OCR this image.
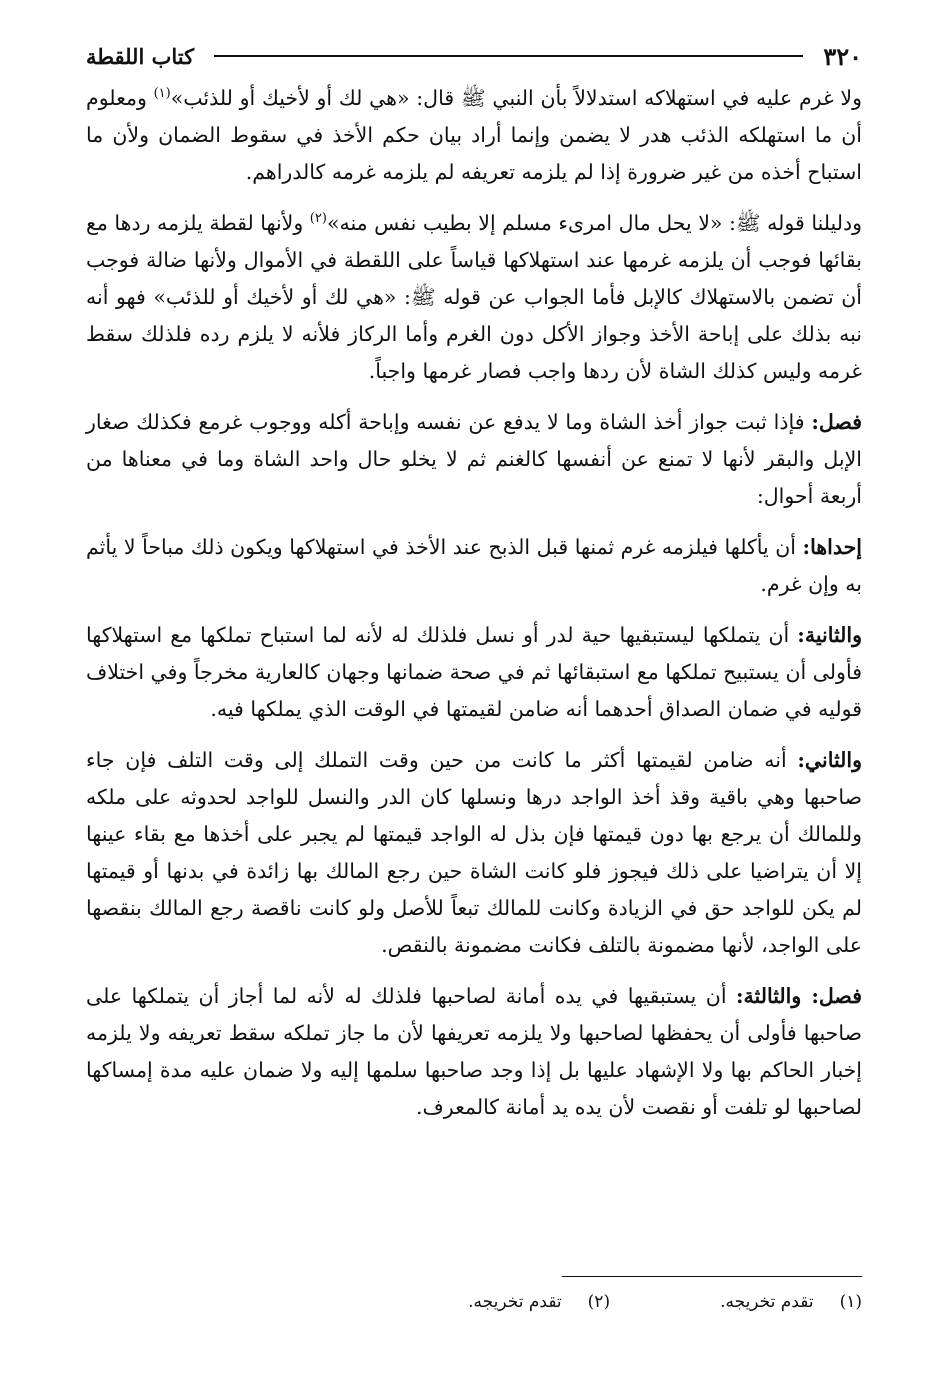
٣٢٠
كتاب اللقطة

ولا غرم عليه في استهلاكه استدلالاً بأن النبي ﷺ قال: «هي لك أو لأخيك أو للذئب»$^{(١)}$ ومعلوم أن ما استهلكه الذئب هدر لا يضمن وإنما أراد بيان حكم الأخذ في سقوط الضمان ولأن ما استباح أخذه من غير ضرورة إذا لم يلزمه تعريفه لم يلزمه غرمه كالدراهم.

ودليلنا قوله ﷺ: «لا يحل مال امرىء مسلم إلا بطيب نفس منه»$^{(٢)}$ ولأنها لقطة يلزمه ردها مع بقائها فوجب أن يلزمه غرمها عند استهلاكها قياساً على اللقطة في الأموال ولأنها ضالة فوجب أن تضمن بالاستهلاك كالإبل فأما الجواب عن قوله ﷺ: «هي لك أو لأخيك أو للذئب» فهو أنه نبه بذلك على إباحة الأخذ وجواز الأكل دون الغرم وأما الركاز فلأنه لا يلزم رده فلذلك سقط غرمه وليس كذلك الشاة لأن ردها واجب فصار غرمها واجباً.

فصل: فإذا ثبت جواز أخذ الشاة وما لا يدفع عن نفسه وإباحة أكله ووجوب غرمع فكذلك صغار الإبل والبقر لأنها لا تمنع عن أنفسها كالغنم ثم لا يخلو حال واحد الشاة وما في معناها من أربعة أحوال:

إحداها: أن يأكلها فيلزمه غرم ثمنها قبل الذبح عند الأخذ في استهلاكها ويكون ذلك مباحاً لا يأثم به وإن غرم.

والثانية: أن يتملكها ليستبقيها حية لدر أو نسل فلذلك له لأنه لما استباح تملكها مع استهلاكها فأولى أن يستبيح تملكها مع استبقائها ثم في صحة ضمانها وجهان كالعارية مخرجاً وفي اختلاف قوليه في ضمان الصداق أحدهما أنه ضامن لقيمتها في الوقت الذي يملكها فيه.

والثاني: أنه ضامن لقيمتها أكثر ما كانت من حين وقت التملك إلى وقت التلف فإن جاء صاحبها وهي باقية وقذ أخذ الواجد درها ونسلها كان الدر والنسل للواجد لحدوثه على ملكه وللمالك أن يرجع بها دون قيمتها فإن بذل له الواجد قيمتها لم يجبر على أخذها مع بقاء عينها إلا أن يتراضيا على ذلك فيجوز فلو كانت الشاة حين رجع المالك بها زائدة في بدنها أو قيمتها لم يكن للواجد حق في الزيادة وكانت للمالك تبعاً للأصل ولو كانت ناقصة رجع المالك بنقصها على الواجد، لأنها مضمونة بالتلف فكانت مضمونة بالنقص.

فصل: والثالثة: أن يستبقيها في يده أمانة لصاحبها فلذلك له لأنه لما أجاز أن يتملكها على صاحبها فأولى أن يحفظها لصاحبها ولا يلزمه تعريفها لأن ما جاز تملكه سقط تعريفه ولا يلزمه إخبار الحاكم بها ولا الإشهاد عليها بل إذا وجد صاحبها سلمها إليه ولا ضمان عليه مدة إمساكها لصاحبها لو تلفت أو نقصت لأن يده يد أمانة كالمعرف.

(١)
تقدم تخريجه.
(٢)
تقدم تخريجه.
